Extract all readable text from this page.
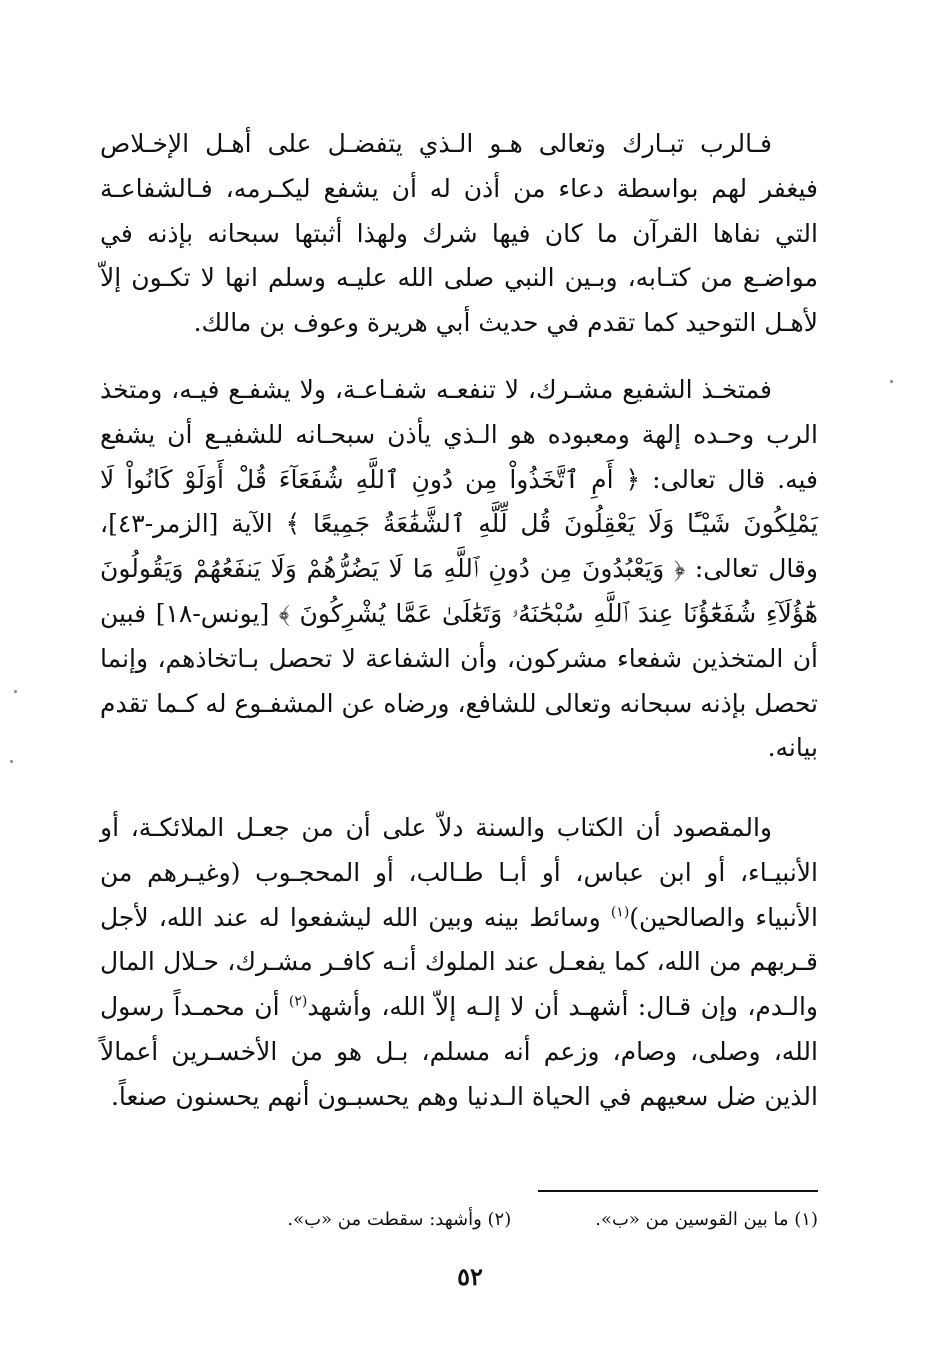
فـالرب تبـارك وتعالى هـو الـذي يتفضـل على أهـل الإخـلاص فيغفر لهم بواسطة دعاء من أذن له أن يشفع ليكـرمه، فـالشفاعـة التي نفاها القرآن ما كان فيها شرك ولهذا أثبتها سبحانه بإذنه في مواضـع من كتـابه، وبـين النبي صلى الله عليـه وسلم انها لا تكـون إلاّ لأهـل التوحيد كما تقدم في حديث أبي هريرة وعوف بن مالك.

فمتخـذ الشفيع مشـرك، لا تنفعـه شفـاعـة، ولا يشفـع فيـه، ومتخذ الرب وحـده إلهة ومعبوده هو الـذي يأذن سبحـانه للشفيـع أن يشفع فيه. قال تعالى: ﴿ أَمِ ٱتَّخَذُواْ مِن دُونِ ٱللَّهِ شُفَعَآءَ قُلْ أَوَلَوْ كَانُواْ لَا يَمْلِكُونَ شَيْـًٔا وَلَا يَعْقِلُونَ قُل لِّلَّهِ ٱلشَّفَٰعَةُ جَمِيعًا ﴾ الآية [الزمر-٤٣]، وقال تعالى: ﴿ وَيَعْبُدُونَ مِن دُونِ ٱللَّهِ مَا لَا يَضُرُّهُمْ وَلَا يَنفَعُهُمْ وَيَقُولُونَ هَٰٓؤُلَآءِ شُفَعَٰٓؤُنَا عِندَ ٱللَّهِ سُبْحَٰنَهُۥ وَتَعَٰلَىٰ عَمَّا يُشْرِكُونَ ﴾ [يونس-١٨] فبين أن المتخذين شفعاء مشركون، وأن الشفاعة لا تحصل بـاتخاذهم، وإنما تحصل بإذنه سبحانه وتعالى للشافع، ورضاه عن المشفـوع له كـما تقدم بيانه.

والمقصود أن الكتاب والسنة دلاّ على أن من جعـل الملائكـة، أو الأنبيـاء، أو ابن عباس، أو أبـا طـالب، أو المحجـوب (وغيـرهم من الأنبياء والصالحين)$^{(١)}$ وسائط بينه وبين الله ليشفعوا له عند الله، لأجل قـربهم من الله، كما يفعـل عند الملوك أنـه كافـر مشـرك، حـلال المال والـدم، وإن قـال: أشهـد أن لا إلـه إلاّ الله، وأشهد$^{(٢)}$ أن محمـداً رسول الله، وصلى، وصام، وزعم أنه مسلم، بـل هو من الأخسـرين أعمالاً الذين ضل سعيهم في الحياة الـدنيا وهم يحسبـون أنهم يحسنون صنعاً.

(١) ما بين القوسين من «ب».
(٢) وأشهد: سقطت من «ب».
٥٢
